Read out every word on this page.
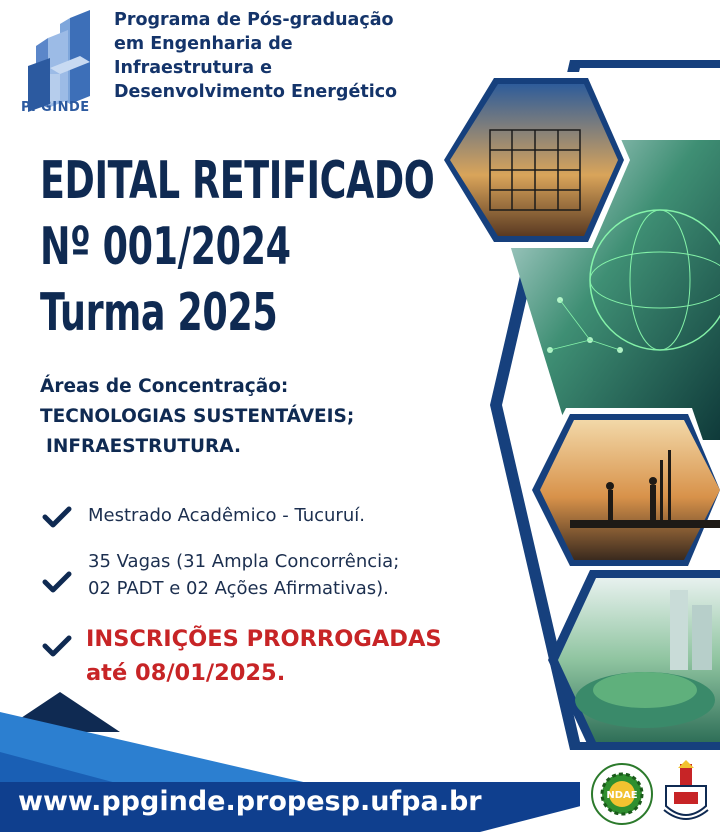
PPGINDE
Programa de Pós-graduação
em Engenharia de
Infraestrutura e
Desenvolvimento Energético
EDITAL RETIFICADO
Nº 001/2024
Turma 2025
Áreas de Concentração:
TECNOLOGIAS SUSTENTÁVEIS;
INFRAESTRUTURA.
Mestrado Acadêmico - Tucuruí.
35 Vagas (31 Ampla Concorrência;
02 PADT e 02 Ações Afirmativas).
INSCRIÇÕES PRORROGADAS
até 08/01/2025.
www.ppginde.propesp.ufpa.br	NDAE
